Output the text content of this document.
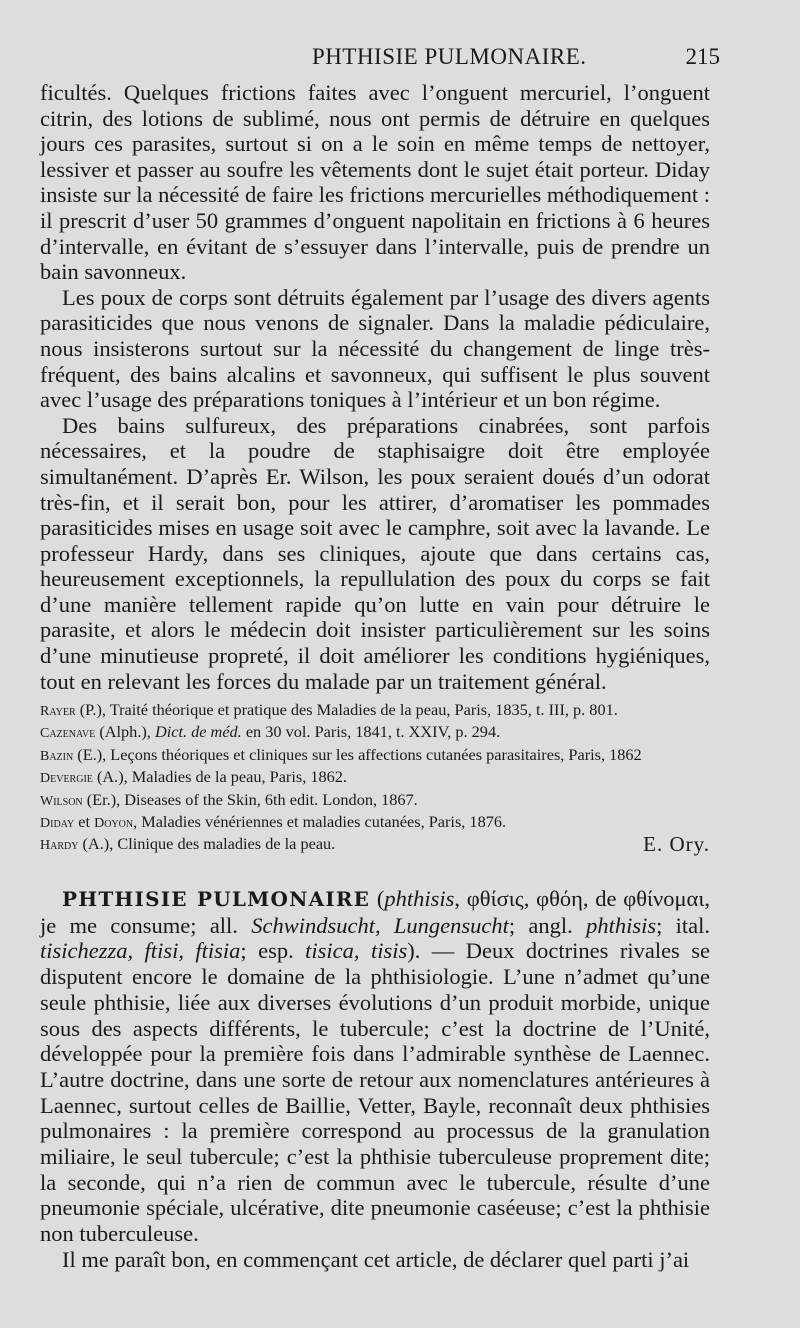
PHTHISIE PULMONAIRE.	215

ficultés. Quelques frictions faites avec l’onguent mercuriel, l’onguent citrin, des lotions de sublimé, nous ont permis de détruire en quelques jours ces parasites, surtout si on a le soin en même temps de nettoyer, lessiver et passer au soufre les vêtements dont le sujet était porteur. Diday insiste sur la nécessité de faire les frictions mercurielles méthodiquement : il prescrit d’user 50 grammes d’onguent napolitain en frictions à 6 heures d’intervalle, en évitant de s’essuyer dans l’intervalle, puis de prendre un bain savonneux.

Les poux de corps sont détruits également par l’usage des divers agents parasiticides que nous venons de signaler. Dans la maladie pédiculaire, nous insisterons surtout sur la nécessité du changement de linge très-fréquent, des bains alcalins et savonneux, qui suffisent le plus souvent avec l’usage des préparations toniques à l’intérieur et un bon régime.

Des bains sulfureux, des préparations cinabrées, sont parfois nécessaires, et la poudre de staphisaigre doit être employée simultanément. D’après Er. Wilson, les poux seraient doués d’un odorat très-fin, et il serait bon, pour les attirer, d’aromatiser les pommades parasiticides mises en usage soit avec le camphre, soit avec la lavande. Le professeur Hardy, dans ses cliniques, ajoute que dans certains cas, heureusement exceptionnels, la repullulation des poux du corps se fait d’une manière tellement rapide qu’on lutte en vain pour détruire le parasite, et alors le médecin doit insister particulièrement sur les soins d’une minutieuse propreté, il doit améliorer les conditions hygiéniques, tout en relevant les forces du malade par un traitement général.

Rayer (P.), Traité théorique et pratique des Maladies de la peau, Paris, 1835, t. III, p. 801.
Cazenave (Alph.), Dict. de méd. en 30 vol. Paris, 1841, t. XXIV, p. 294.
Bazin (E.), Leçons théoriques et cliniques sur les affections cutanées parasitaires, Paris, 1862
Devergie (A.), Maladies de la peau, Paris, 1862.
Wilson (Er.), Diseases of the Skin, 6th edit. London, 1867.
Diday et Doyon, Maladies vénériennes et maladies cutanées, Paris, 1876.
Hardy (A.), Clinique des maladies de la peau.	E. Ory.

PHTHISIE PULMONAIRE (phthisis, φθίσις, φθόη, de φθίνομαι, je me consume; all. Schwindsucht, Lungensucht; angl. phthisis; ital. tisichezza, ftisi, ftisia; esp. tisica, tisis). — Deux doctrines rivales se disputent encore le domaine de la phthisiologie. L’une n’admet qu’une seule phthisie, liée aux diverses évolutions d’un produit morbide, unique sous des aspects différents, le tubercule; c’est la doctrine de l’Unité, développée pour la première fois dans l’admirable synthèse de Laennec. L’autre doctrine, dans une sorte de retour aux nomenclatures antérieures à Laennec, surtout celles de Baillie, Vetter, Bayle, reconnaît deux phthisies pulmonaires : la première correspond au processus de la granulation miliaire, le seul tubercule; c’est la phthisie tuberculeuse proprement dite; la seconde, qui n’a rien de commun avec le tubercule, résulte d’une pneumonie spéciale, ulcérative, dite pneumonie caséeuse; c’est la phthisie non tuberculeuse.

Il me paraît bon, en commençant cet article, de déclarer quel parti j’ai
